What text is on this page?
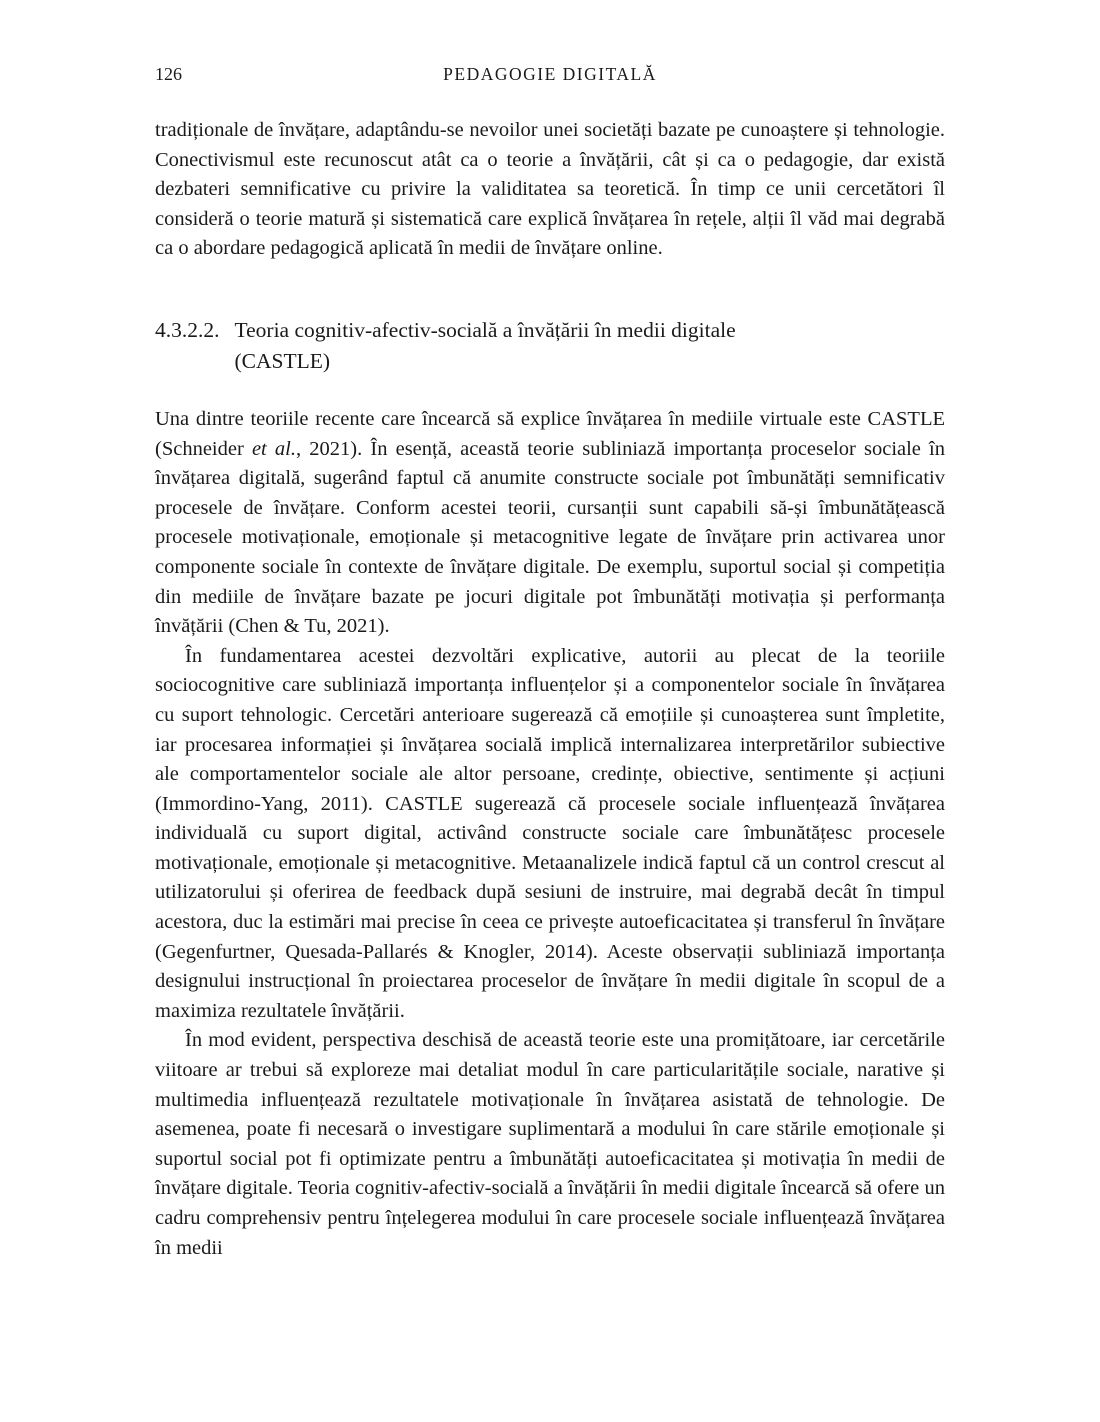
126	PEDAGOGIE DIGITALĂ

tradiționale de învățare, adaptându-se nevoilor unei societăți bazate pe cunoaștere și tehnologie. Conectivismul este recunoscut atât ca o teorie a învățării, cât și ca o pedagogie, dar există dezbateri semnificative cu privire la validitatea sa teoretică. În timp ce unii cercetători îl consideră o teorie matură și sistematică care explică învățarea în rețele, alții îl văd mai degrabă ca o abordare pedagogică aplicată în medii de învățare online.

4.3.2.2. Teoria cognitiv-afectiv-socială a învățării în medii digitale
(CASTLE)

Una dintre teoriile recente care încearcă să explice învățarea în mediile virtuale este CASTLE (Schneider et al., 2021). În esență, această teorie subliniază importanța proceselor sociale în învățarea digitală, sugerând faptul că anumite constructe sociale pot îmbunătăți semnificativ procesele de învățare. Conform acestei teorii, cursanții sunt capabili să-și îmbunătățească procesele motivaționale, emoționale și metacognitive legate de învățare prin activarea unor componente sociale în contexte de învățare digitale. De exemplu, suportul social și competiția din mediile de învățare bazate pe jocuri digitale pot îmbunătăți motivația și performanța învățării (Chen & Tu, 2021).

În fundamentarea acestei dezvoltări explicative, autorii au plecat de la teoriile sociocognitive care subliniază importanța influențelor și a componentelor sociale în învățarea cu suport tehnologic. Cercetări anterioare sugerează că emoțiile și cunoașterea sunt împletite, iar procesarea informației și învățarea socială implică internalizarea interpretărilor subiective ale comportamentelor sociale ale altor persoane, credințe, obiective, sentimente și acțiuni (Immordino-Yang, 2011). CASTLE sugerează că procesele sociale influențează învățarea individuală cu suport digital, activând constructe sociale care îmbunătățesc procesele motivaționale, emoționale și metacognitive. Metaanalizele indică faptul că un control crescut al utilizatorului și oferirea de feedback după sesiuni de instruire, mai degrabă decât în timpul acestora, duc la estimări mai precise în ceea ce privește autoeficacitatea și transferul în învățare (Gegenfurtner, Quesada-Pallarés & Knogler, 2014). Aceste observații subliniază importanța designului instrucțional în proiectarea proceselor de învățare în medii digitale în scopul de a maximiza rezultatele învățării.

În mod evident, perspectiva deschisă de această teorie este una promițătoare, iar cercetările viitoare ar trebui să exploreze mai detaliat modul în care particularitățile sociale, narative și multimedia influențează rezultatele motivaționale în învățarea asistată de tehnologie. De asemenea, poate fi necesară o investigare suplimentară a modului în care stările emoționale și suportul social pot fi optimizate pentru a îmbunătăți autoeficacitatea și motivația în medii de învățare digitale. Teoria cognitiv-afectiv-socială a învățării în medii digitale încearcă să ofere un cadru comprehensiv pentru înțelegerea modului în care procesele sociale influențează învățarea în medii
